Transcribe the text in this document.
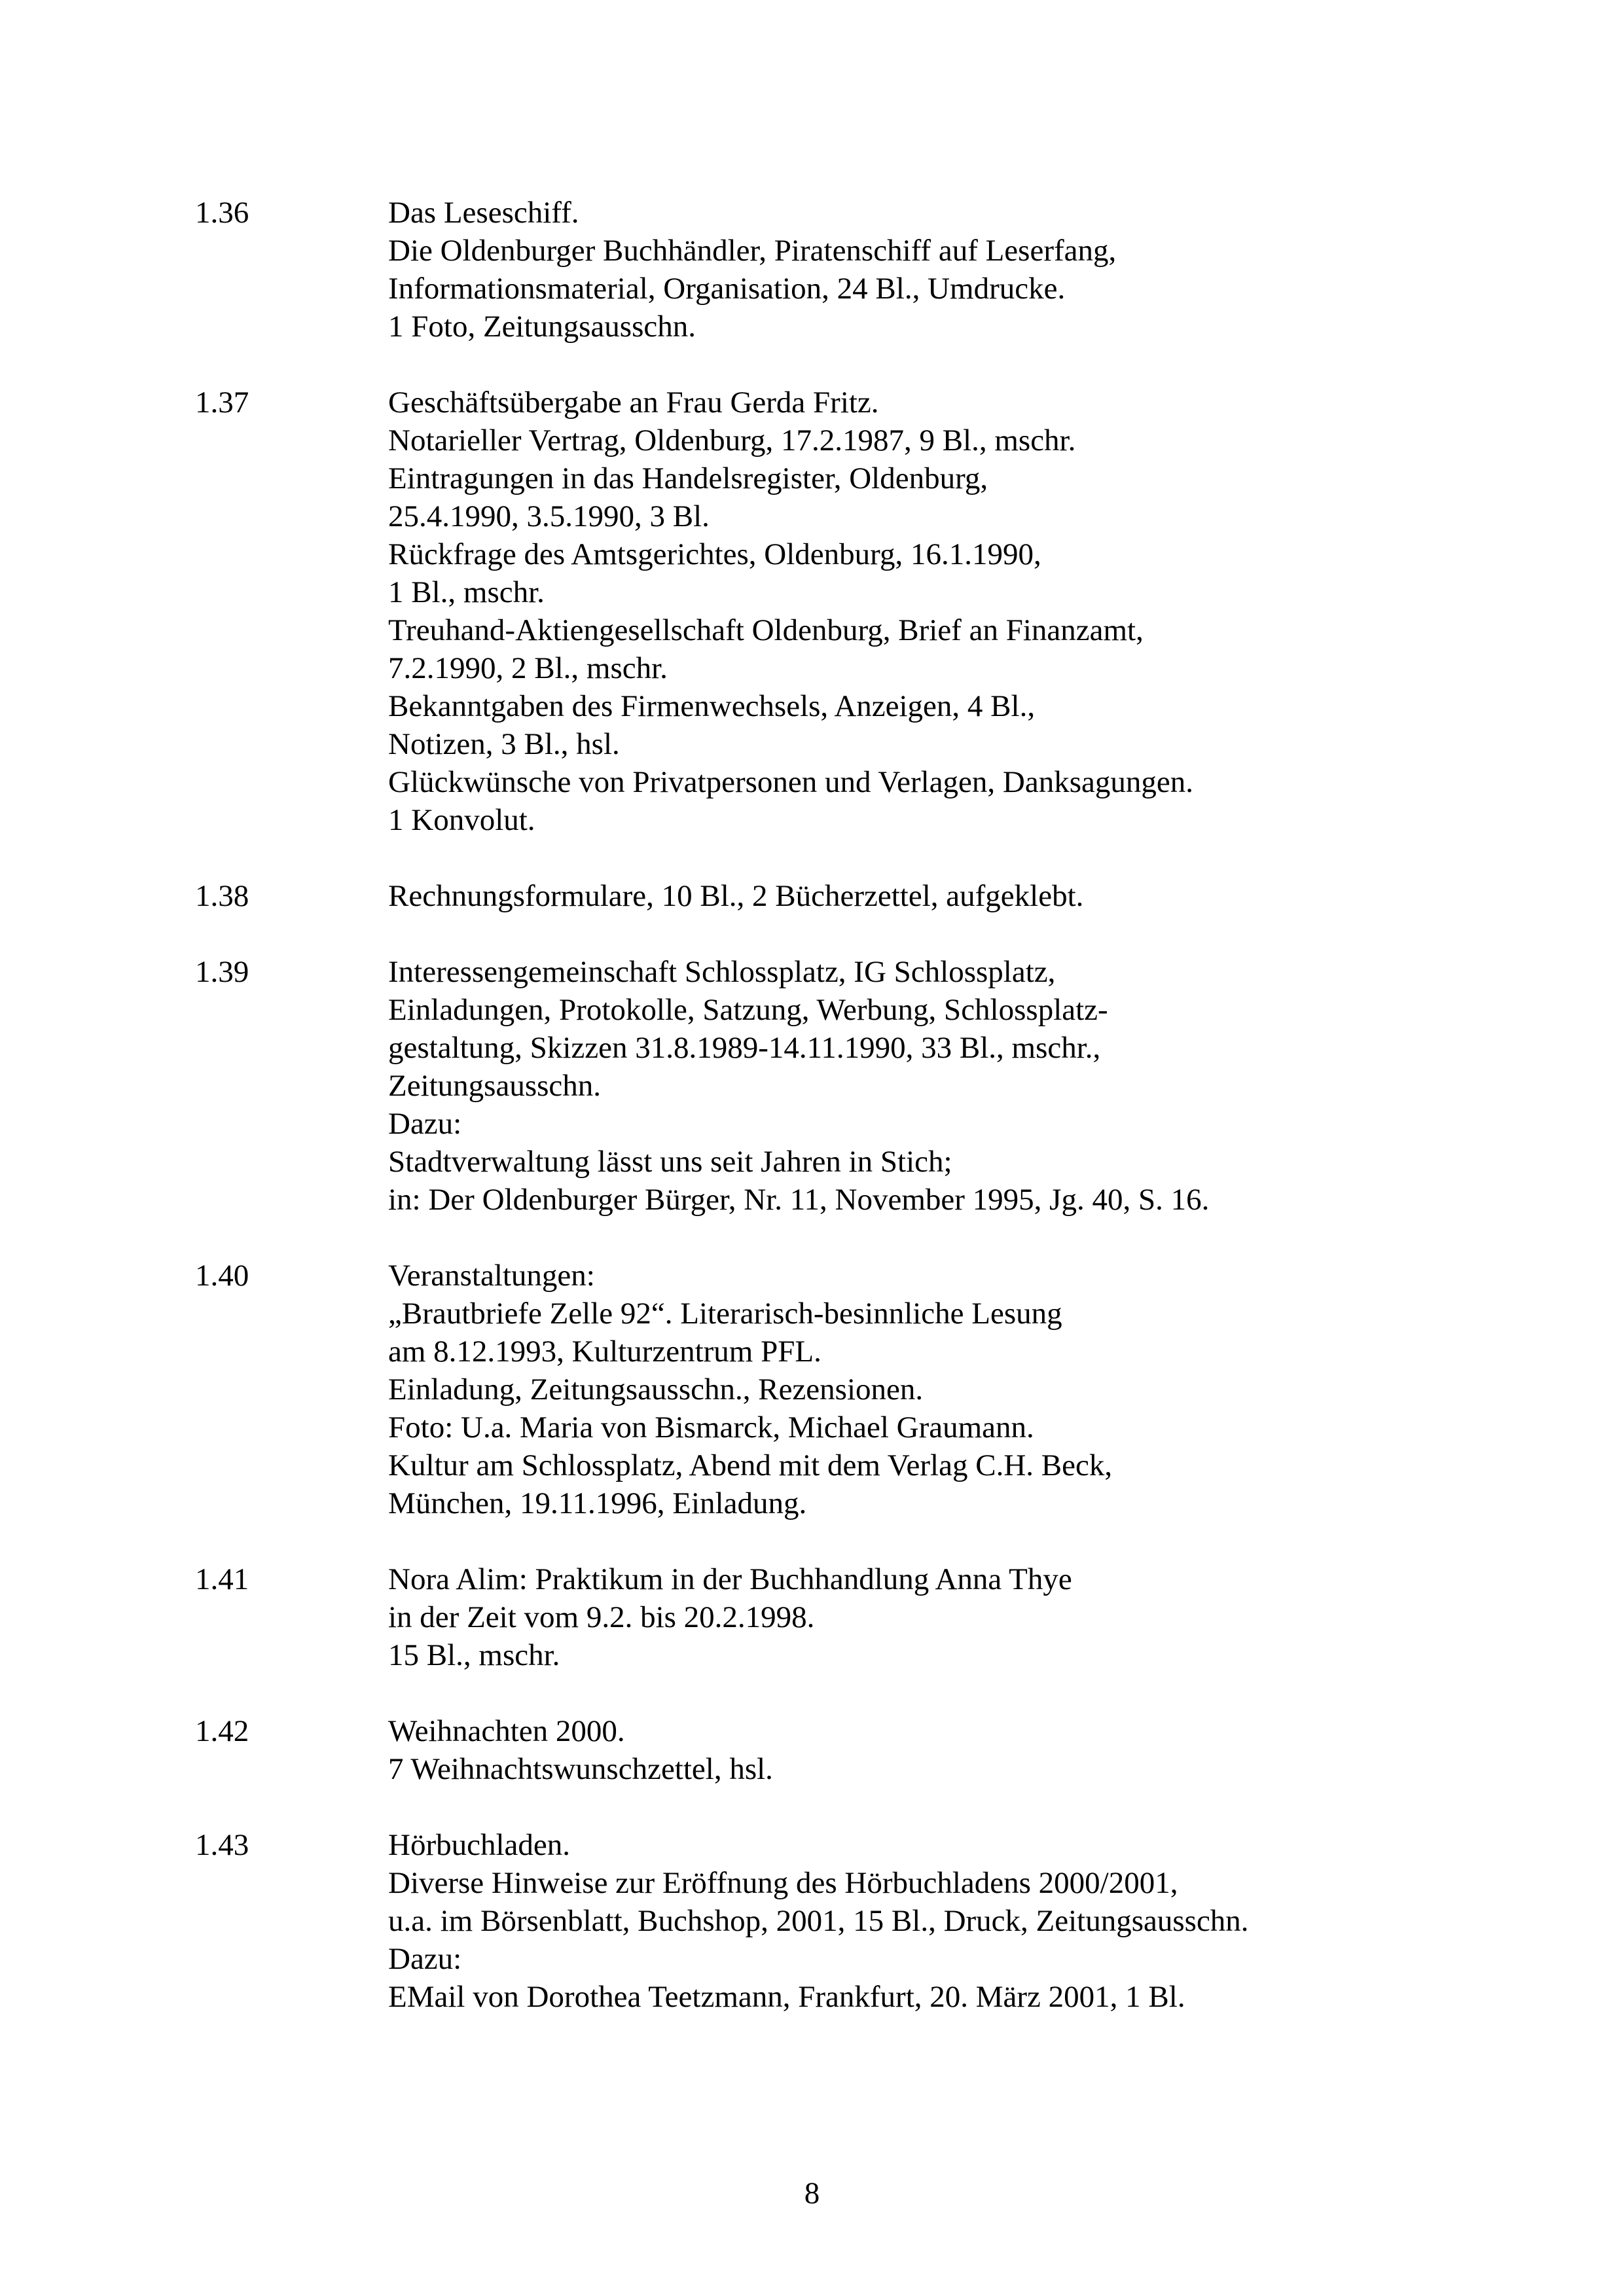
1.36	Das Leseschiff.
Die Oldenburger Buchhändler, Piratenschiff auf Leserfang,
Informationsmaterial, Organisation, 24 Bl., Umdrucke.
1 Foto, Zeitungsausschn.
1.37	Geschäftsübergabe an Frau Gerda Fritz.
Notarieller Vertrag, Oldenburg, 17.2.1987, 9 Bl., mschr.
Eintragungen in das Handelsregister, Oldenburg,
25.4.1990, 3.5.1990, 3 Bl.
Rückfrage des Amtsgerichtes, Oldenburg, 16.1.1990,
1 Bl., mschr.
Treuhand-Aktiengesellschaft Oldenburg, Brief an Finanzamt,
7.2.1990, 2 Bl., mschr.
Bekanntgaben des Firmenwechsels, Anzeigen, 4 Bl.,
Notizen, 3 Bl., hsl.
Glückwünsche von Privatpersonen und Verlagen, Danksagungen.
1 Konvolut.
1.38	Rechnungsformulare, 10 Bl., 2 Bücherzettel, aufgeklebt.
1.39	Interessengemeinschaft Schlossplatz, IG Schlossplatz,
Einladungen, Protokolle, Satzung, Werbung, Schlossplatz-
gestaltung, Skizzen 31.8.1989-14.11.1990, 33 Bl., mschr.,
Zeitungsausschn.
Dazu:
Stadtverwaltung lässt uns seit Jahren in Stich;
in: Der Oldenburger Bürger, Nr. 11, November 1995, Jg. 40, S. 16.
1.40	Veranstaltungen:
„Brautbriefe Zelle 92“. Literarisch-besinnliche Lesung
am 8.12.1993, Kulturzentrum PFL.
Einladung, Zeitungsausschn., Rezensionen.
Foto: U.a. Maria von Bismarck, Michael Graumann.
Kultur am Schlossplatz, Abend mit dem Verlag C.H. Beck,
München, 19.11.1996, Einladung.
1.41	Nora Alim: Praktikum in der Buchhandlung Anna Thye
in der Zeit vom 9.2. bis 20.2.1998.
15 Bl., mschr.
1.42	Weihnachten 2000.
7 Weihnachtswunschzettel, hsl.
1.43	Hörbuchladen.
Diverse Hinweise zur Eröffnung des Hörbuchladens 2000/2001,
u.a. im Börsenblatt, Buchshop, 2001, 15 Bl., Druck, Zeitungsausschn.
Dazu:
EMail von Dorothea Teetzmann, Frankfurt, 20. März 2001, 1 Bl.
8
